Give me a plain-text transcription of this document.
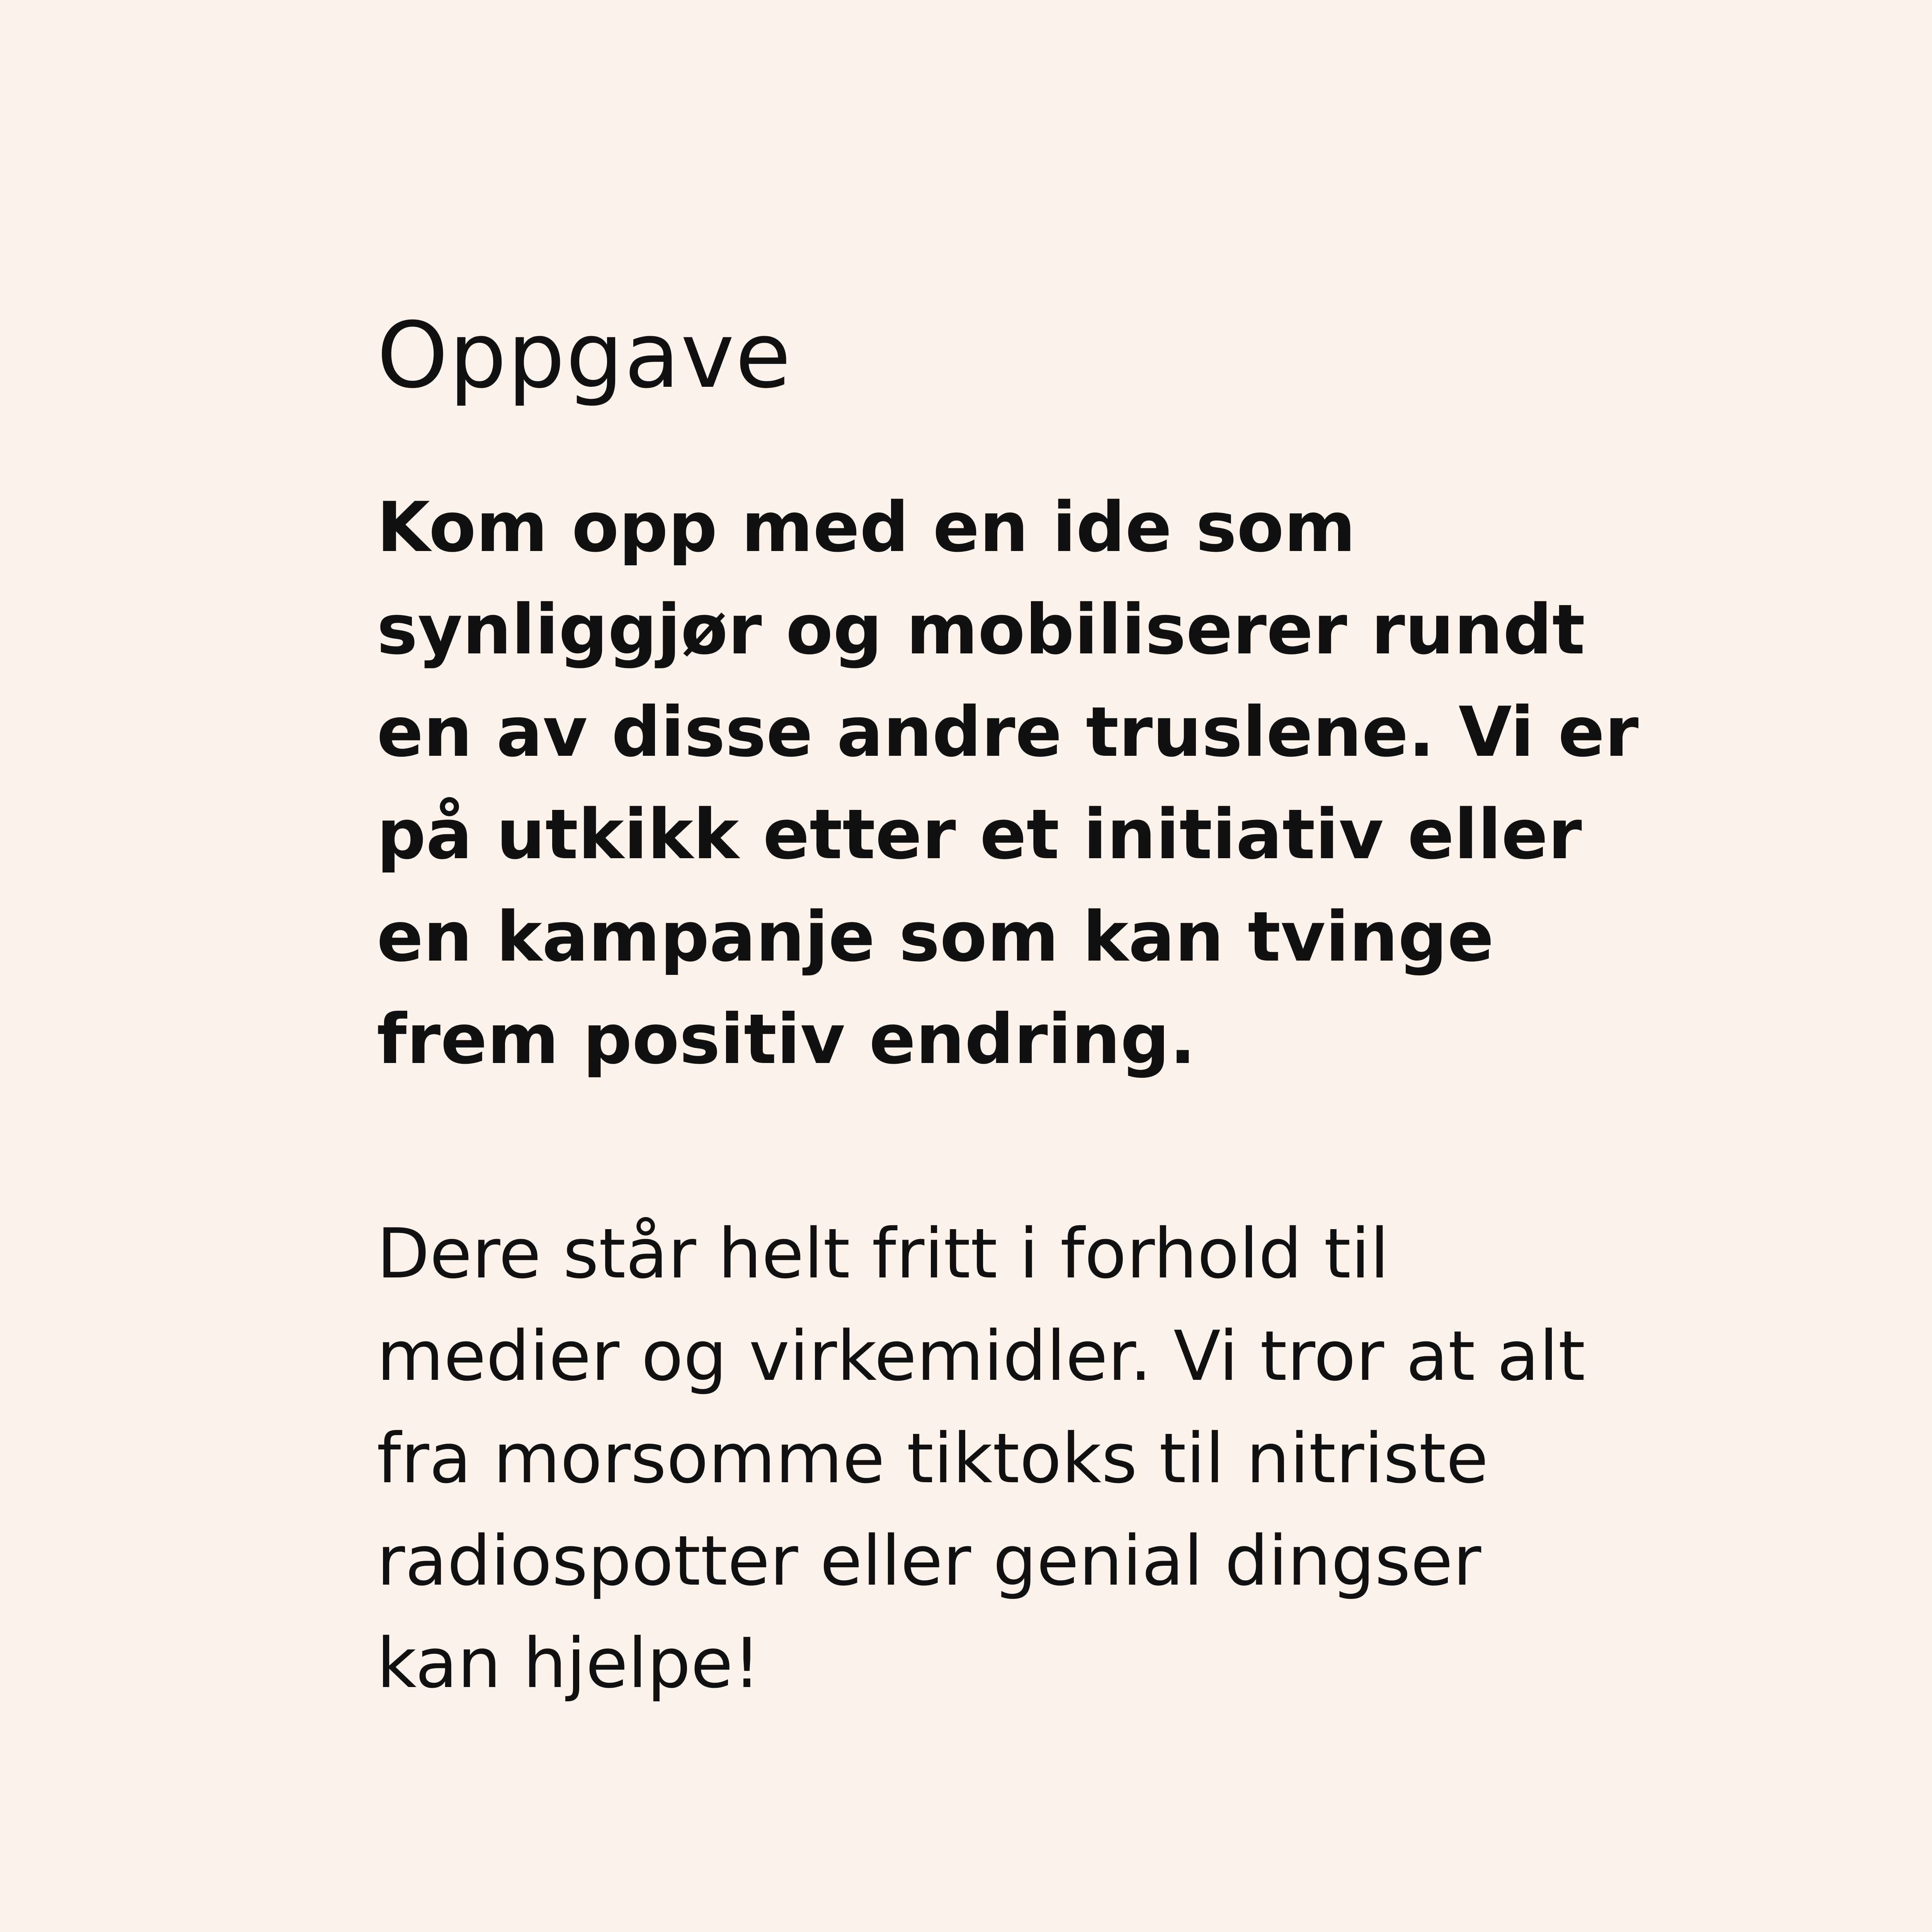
Oppgave

Kom opp med en ide som
synliggjør og mobiliserer rundt
en av disse andre truslene. Vi er
på utkikk etter et initiativ eller
en kampanje som kan tvinge
frem positiv endring.

Dere står helt fritt i forhold til
medier og virkemidler. Vi tror at alt
fra morsomme tiktoks til nitriste
radiospotter eller genial dingser
kan hjelpe!
